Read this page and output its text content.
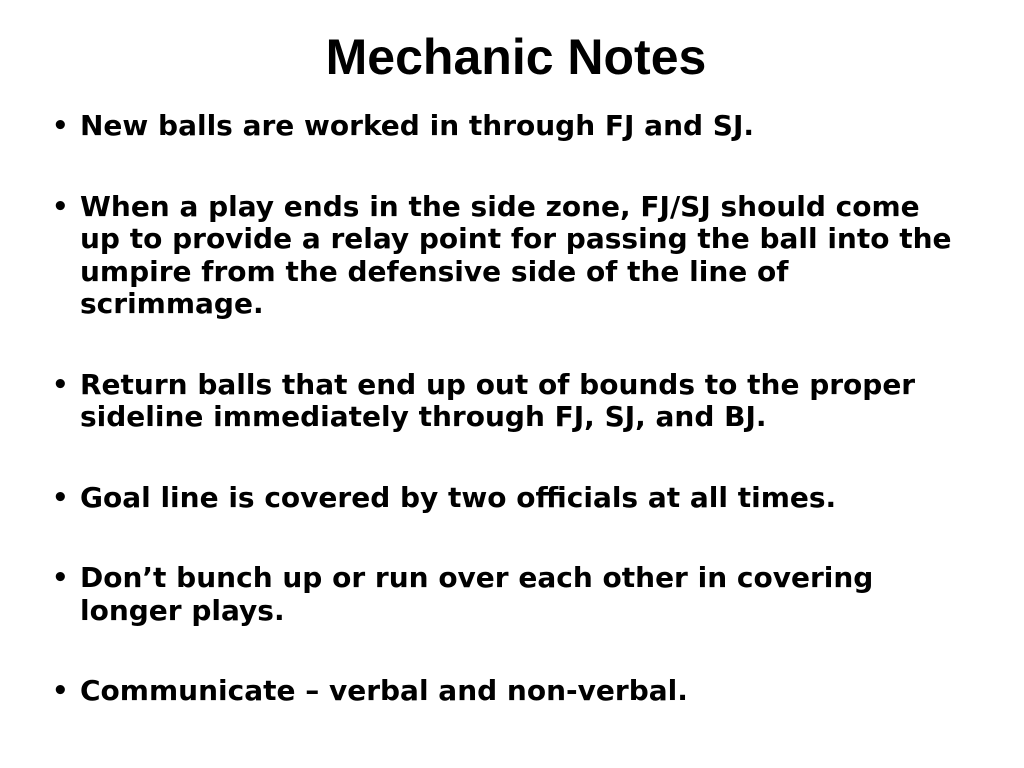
Mechanic Notes
• New balls are worked in through FJ and SJ.
• When a play ends in the side zone, FJ/SJ should come up to provide a relay point for passing the ball into the umpire from the defensive side of the line of scrimmage.
• Return balls that end up out of bounds to the proper sideline immediately through FJ, SJ, and BJ.
• Goal line is covered by two officials at all times.
• Don’t bunch up or run over each other in covering longer plays.
• Communicate – verbal and non-verbal.
